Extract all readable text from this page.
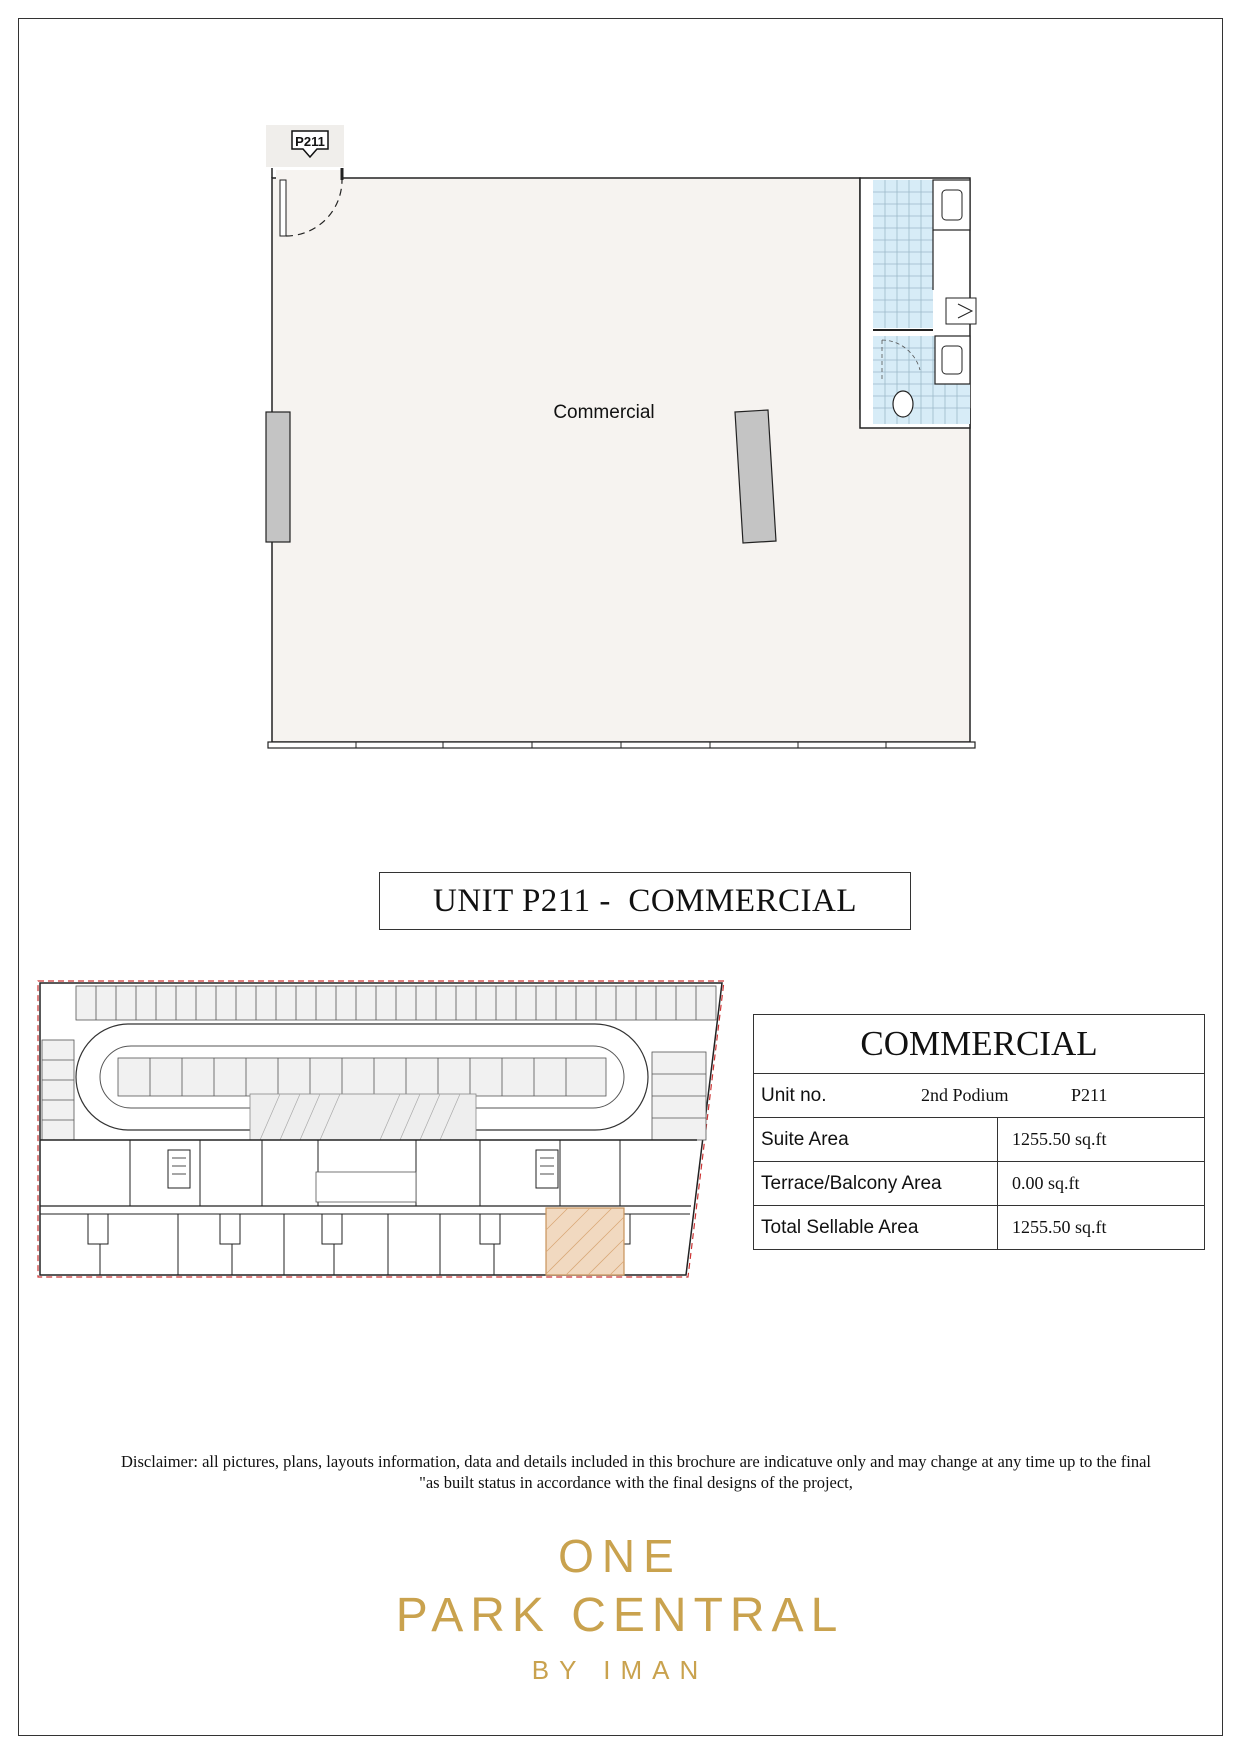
P211
Commercial
UNIT P211 -  COMMERCIAL
COMMERCIAL	

Unit no. 2nd Podium P211	

Suite Area	1255.50 sq.ft
Terrace/Balcony Area	0.00 sq.ft
Total Sellable Area	1255.50 sq.ft
Disclaimer: all pictures, plans, layouts information, data and details included in this brochure are indicatuve only and may change at any time up to the final
"as built status in accordance with the final designs of the project,
ONE
PARK CENTRAL
BY IMAN
